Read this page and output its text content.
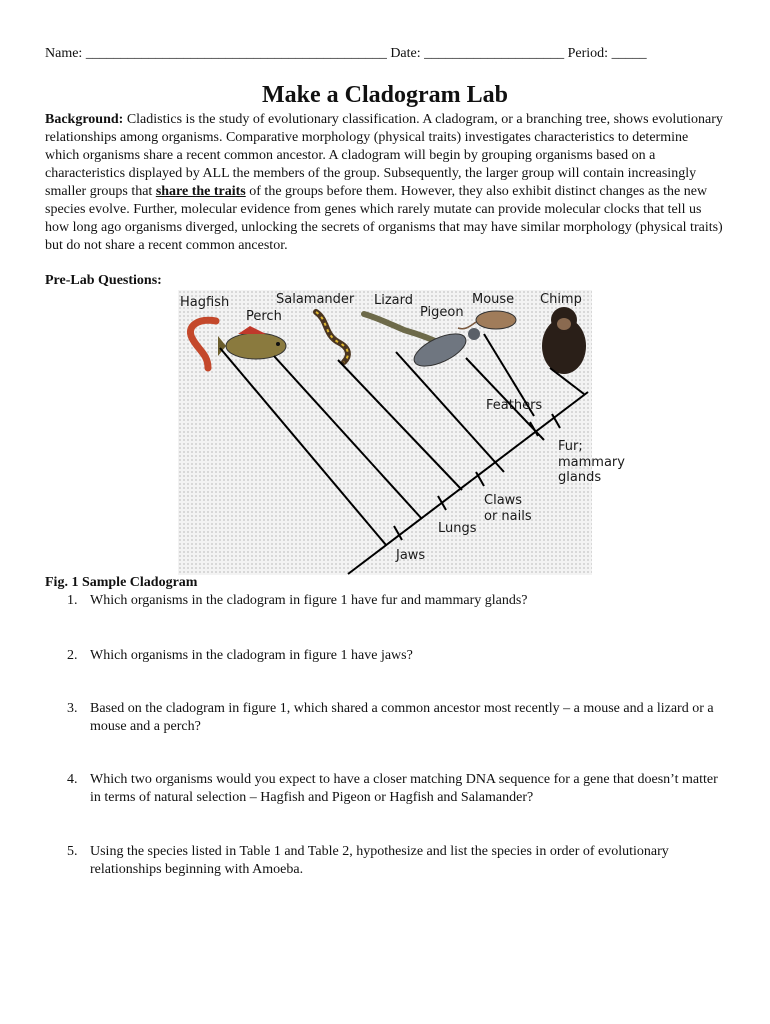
Name: ___________________________________________ Date: ____________________ Period: _____
Make a Cladogram Lab
Background: Cladistics is the study of evolutionary classification. A cladogram, or a branching tree, shows evolutionary relationships among organisms. Comparative morphology (physical traits) investigates characteristics to determine which organisms share a recent common ancestor. A cladogram will begin by grouping organisms based on a characteristics displayed by ALL the members of the group. Subsequently, the larger group will contain increasingly smaller groups that share the traits of the groups before them. However, they also exhibit distinct changes as the new species evolve. Further, molecular evidence from genes which rarely mutate can provide molecular clocks that tell us how long ago organisms diverged, unlocking the secrets of organisms that may have similar morphology (physical traits) but do not share a recent common ancestor.
Pre-Lab Questions:
Hagfish
Perch
Salamander Lizard
Pigeon
Mouse Chimp
Jaws
Lungs
Claws
or nails
Feathers
Fur;
mammary
glands
Fig. 1 Sample Cladogram
1. Which organisms in the cladogram in figure 1 have fur and mammary glands?
2. Which organisms in the cladogram in figure 1 have jaws?
3. Based on the cladogram in figure 1, which shared a common ancestor most recently – a mouse and a lizard or a mouse and a perch?
4. Which two organisms would you expect to have a closer matching DNA sequence for a gene that doesn’t matter in terms of natural selection – Hagfish and Pigeon or Hagfish and Salamander?
5. Using the species listed in Table 1 and Table 2, hypothesize and list the species in order of evolutionary relationships beginning with Amoeba.
